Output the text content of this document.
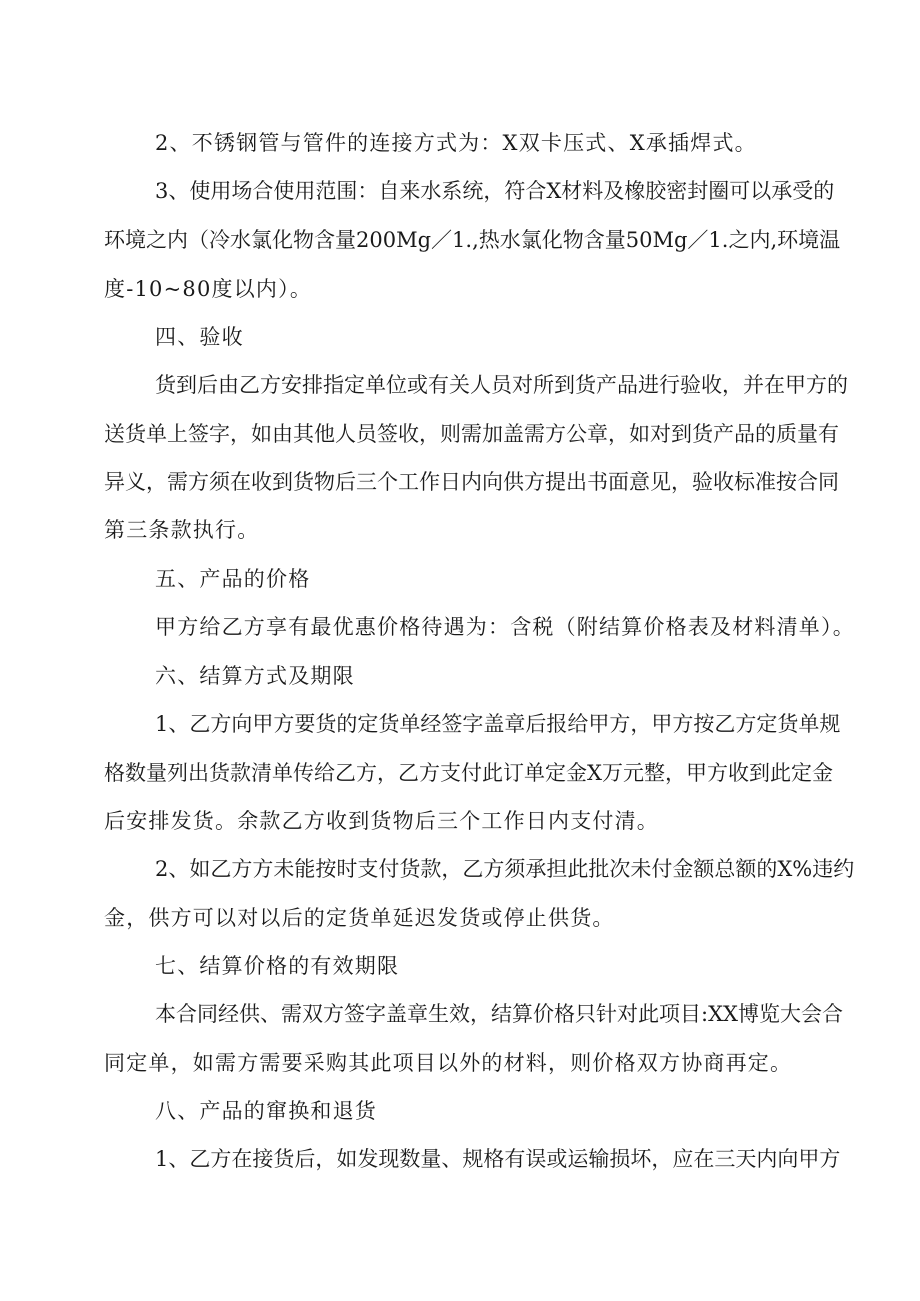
2、不锈钢管与管件的连接方式为：X双卡压式、X承插焊式。
3、使用场合使用范围：自来水系统，符合X材料及橡胶密封圈可以承受的
环境之内（冷水氯化物含量200Mg／1.,热水氯化物含量50Mg／1.之内,环境温
度-10~80度以内）。
四、验收
货到后由乙方安排指定单位或有关人员对所到货产品进行验收，并在甲方的
送货单上签字，如由其他人员签收，则需加盖需方公章，如对到货产品的质量有
异义，需方须在收到货物后三个工作日内向供方提出书面意见，验收标准按合同
第三条款执行。
五、产品的价格
甲方给乙方享有最优惠价格待遇为：含税（附结算价格表及材料清单）。
六、结算方式及期限
1、乙方向甲方要货的定货单经签字盖章后报给甲方，甲方按乙方定货单规
格数量列出货款清单传给乙方，乙方支付此订单定金X万元整，甲方收到此定金
后安排发货。余款乙方收到货物后三个工作日内支付清。
2、如乙方方未能按时支付货款，乙方须承担此批次未付金额总额的X%违约
金，供方可以对以后的定货单延迟发货或停止供货。
七、结算价格的有效期限
本合同经供、需双方签字盖章生效，结算价格只针对此项目:XX博览大会合
同定单，如需方需要采购其此项目以外的材料，则价格双方协商再定。
八、产品的窜换和退货
1、乙方在接货后，如发现数量、规格有误或运输损坏，应在三天内向甲方
